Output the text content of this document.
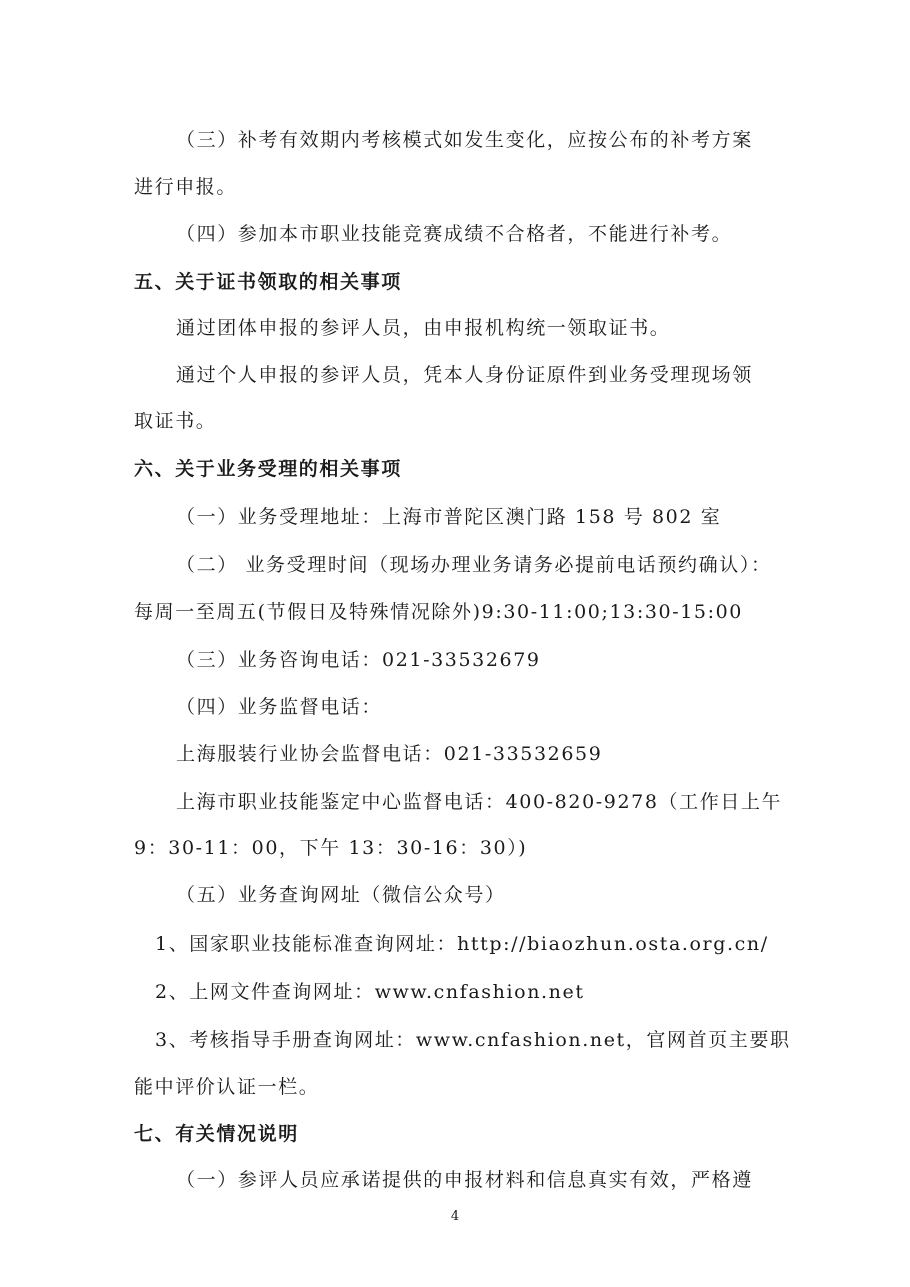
（三）补考有效期内考核模式如发生变化，应按公布的补考方案
进行申报。
（四）参加本市职业技能竞赛成绩不合格者，不能进行补考。
五、关于证书领取的相关事项
通过团体申报的参评人员，由申报机构统一领取证书。
通过个人申报的参评人员，凭本人身份证原件到业务受理现场领
取证书。
六、关于业务受理的相关事项
（一）业务受理地址：上海市普陀区澳门路 158 号 802 室
（二） 业务受理时间（现场办理业务请务必提前电话预约确认）：
每周一至周五(节假日及特殊情况除外)9:30-11:00;13:30-15:00
（三）业务咨询电话：021-33532679
（四）业务监督电话：
上海服装行业协会监督电话：021-33532659
上海市职业技能鉴定中心监督电话：400-820-9278（工作日上午
9：30-11：00，下午 13：30-16：30）)
（五）业务查询网址（微信公众号）
1、国家职业技能标准查询网址：http://biaozhun.osta.org.cn/
2、上网文件查询网址：www.cnfashion.net
3、考核指导手册查询网址：www.cnfashion.net，官网首页主要职
能中评价认证一栏。
七、有关情况说明
（一）参评人员应承诺提供的申报材料和信息真实有效，严格遵
4
